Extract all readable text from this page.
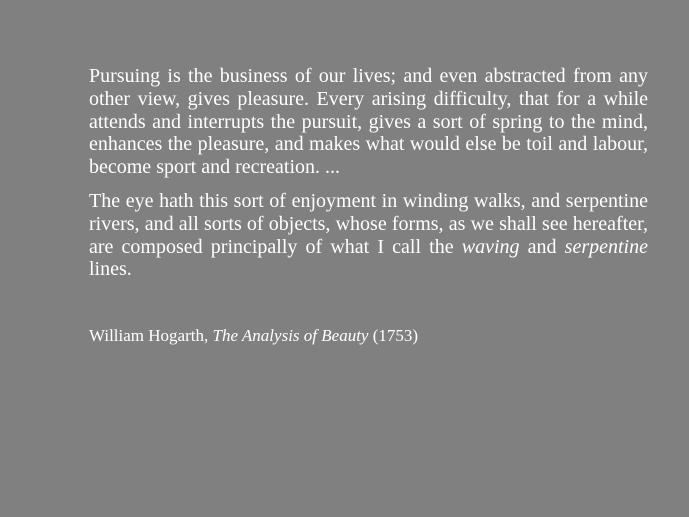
Pursuing is the business of our lives; and even abstracted from any other view, gives pleasure. Every arising difficulty, that for a while attends and interrupts the pursuit, gives a sort of spring to the mind, enhances the pleasure, and makes what would else be toil and labour, become sport and recreation. ...

The eye hath this sort of enjoyment in winding walks, and serpentine rivers, and all sorts of objects, whose forms, as we shall see hereafter, are composed principally of what I call the waving and serpentine lines.

William Hogarth, The Analysis of Beauty (1753)
